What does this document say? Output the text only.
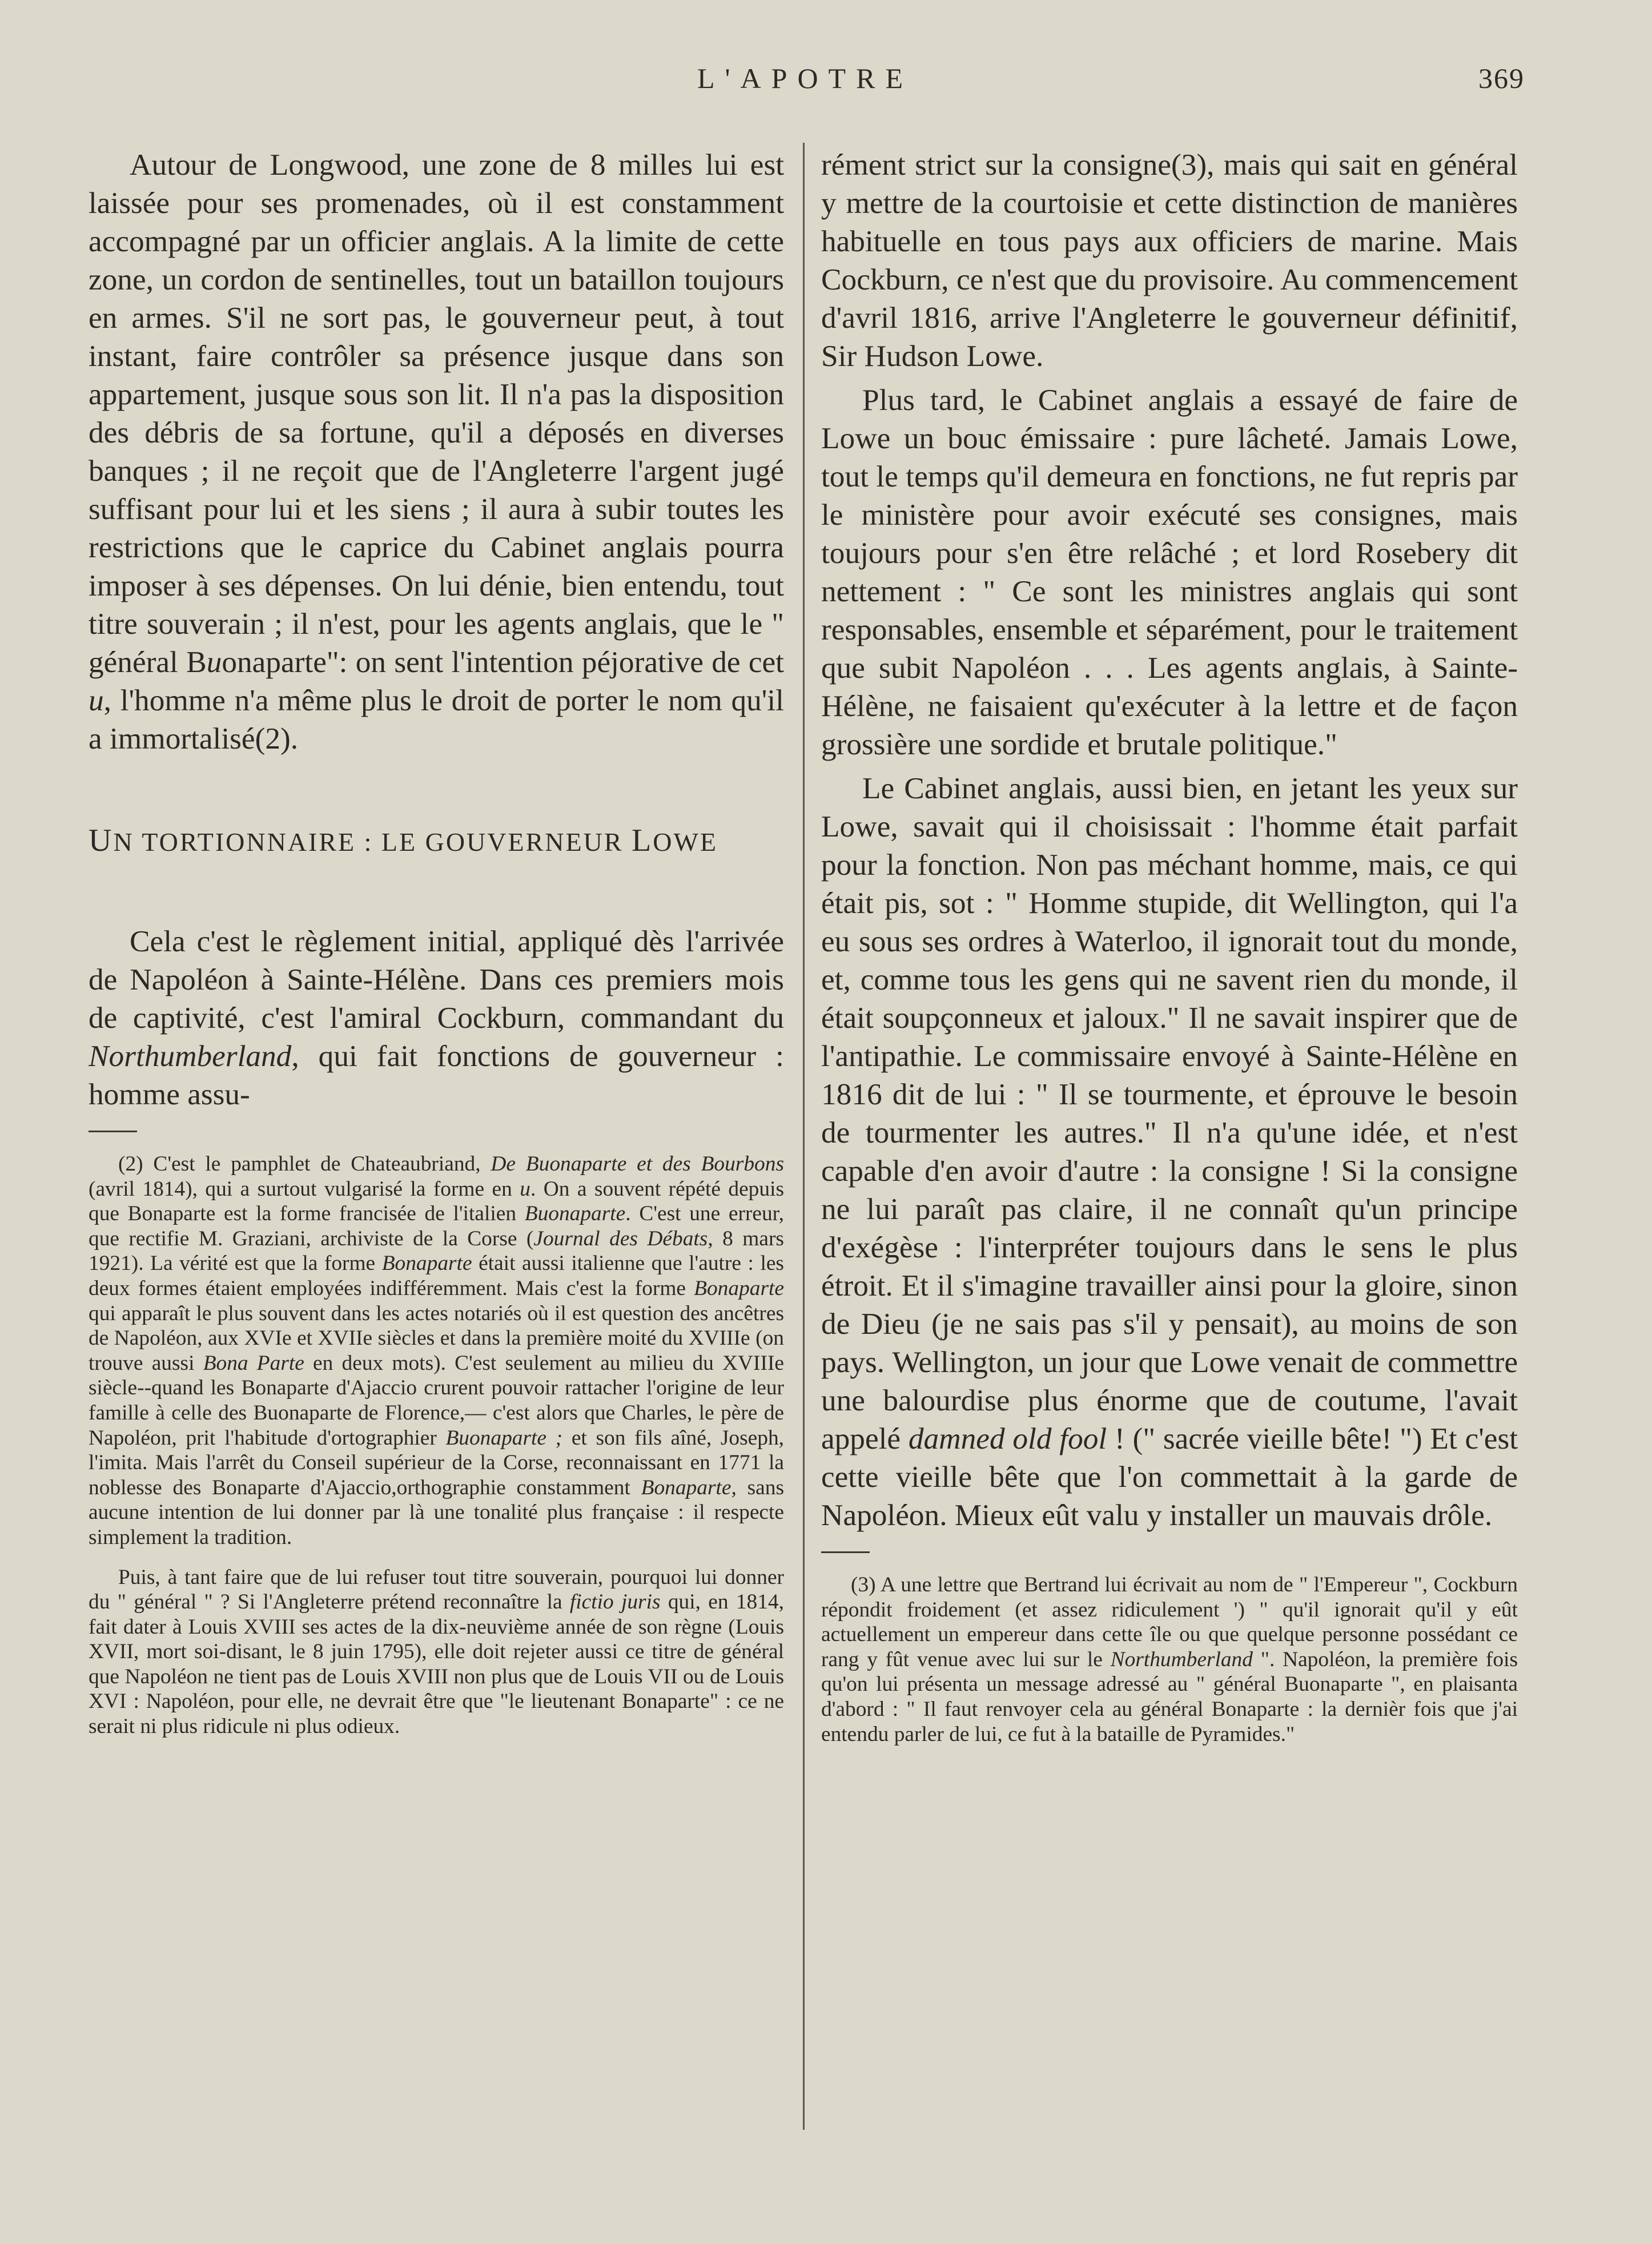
L'APOTRE	369

Autour de Longwood, une zone de 8 milles lui est laissée pour ses promenades, où il est constamment accompagné par un officier anglais. A la limite de cette zone, un cordon de sentinelles, tout un bataillon toujours en armes. S'il ne sort pas, le gouverneur peut, à tout instant, faire contrôler sa présence jusque dans son appartement, jusque sous son lit. Il n'a pas la disposition des débris de sa fortune, qu'il a déposés en diverses banques ; il ne reçoit que de l'Angleterre l'argent jugé suffisant pour lui et les siens ; il aura à subir toutes les restrictions que le caprice du Cabinet anglais pourra imposer à ses dépenses. On lui dénie, bien entendu, tout titre souverain ; il n'est, pour les agents anglais, que le " général Buonaparte": on sent l'intention péjorative de cet u, l'homme n'a même plus le droit de porter le nom qu'il a immortalisé(2).

UN TORTIONNAIRE : LE GOUVERNEUR LOWE

Cela c'est le règlement initial, appliqué dès l'arrivée de Napoléon à Sainte-Hélène. Dans ces premiers mois de captivité, c'est l'amiral Cockburn, commandant du Northumberland, qui fait fonctions de gouverneur : homme assu-

(2) C'est le pamphlet de Chateaubriand, De Buonaparte et des Bourbons (avril 1814), qui a surtout vulgarisé la forme en u. On a souvent répété depuis que Bonaparte est la forme francisée de l'italien Buonaparte. C'est une erreur, que rectifie M. Graziani, archiviste de la Corse (Journal des Débats, 8 mars 1921). La vérité est que la forme Bonaparte était aussi italienne que l'autre : les deux formes étaient employées indifféremment. Mais c'est la forme Bonaparte qui apparaît le plus souvent dans les actes notariés où il est question des ancêtres de Napoléon, aux XVIe et XVIIe siècles et dans la première moité du XVIIIe (on trouve aussi Bona Parte en deux mots). C'est seulement au milieu du XVIIIe siècle--quand les Bonaparte d'Ajaccio crurent pouvoir rattacher l'origine de leur famille à celle des Buonaparte de Florence,— c'est alors que Charles, le père de Napoléon, prit l'habitude d'ortographier Buonaparte ; et son fils aîné, Joseph, l'imita. Mais l'arrêt du Conseil supérieur de la Corse, reconnaissant en 1771 la noblesse des Bonaparte d'Ajaccio,orthographie constamment Bonaparte, sans aucune intention de lui donner par là une tonalité plus française : il respecte simplement la tradition.

Puis, à tant faire que de lui refuser tout titre souverain, pourquoi lui donner du " général " ? Si l'Angleterre prétend reconnaître la fictio juris qui, en 1814, fait dater à Louis XVIII ses actes de la dix-neuvième année de son règne (Louis XVII, mort soi-disant, le 8 juin 1795), elle doit rejeter aussi ce titre de général que Napoléon ne tient pas de Louis XVIII non plus que de Louis VII ou de Louis XVI : Napoléon, pour elle, ne devrait être que "le lieutenant Bonaparte" : ce ne serait ni plus ridicule ni plus odieux.

rément strict sur la consigne(3), mais qui sait en général y mettre de la courtoisie et cette distinction de manières habituelle en tous pays aux officiers de marine. Mais Cockburn, ce n'est que du provisoire. Au commencement d'avril 1816, arrive l'Angleterre le gouverneur définitif, Sir Hudson Lowe.

Plus tard, le Cabinet anglais a essayé de faire de Lowe un bouc émissaire : pure lâcheté. Jamais Lowe, tout le temps qu'il demeura en fonctions, ne fut repris par le ministère pour avoir exécuté ses consignes, mais toujours pour s'en être relâché ; et lord Rosebery dit nettement : " Ce sont les ministres anglais qui sont responsables, ensemble et séparément, pour le traitement que subit Napoléon . . . Les agents anglais, à Sainte-Hélène, ne faisaient qu'exécuter à la lettre et de façon grossière une sordide et brutale politique."

Le Cabinet anglais, aussi bien, en jetant les yeux sur Lowe, savait qui il choisissait : l'homme était parfait pour la fonction. Non pas méchant homme, mais, ce qui était pis, sot : " Homme stupide, dit Wellington, qui l'a eu sous ses ordres à Waterloo, il ignorait tout du monde, et, comme tous les gens qui ne savent rien du monde, il était soupçonneux et jaloux." Il ne savait inspirer que de l'antipathie. Le commissaire envoyé à Sainte-Hélène en 1816 dit de lui : " Il se tourmente, et éprouve le besoin de tourmenter les autres." Il n'a qu'une idée, et n'est capable d'en avoir d'autre : la consigne ! Si la consigne ne lui paraît pas claire, il ne connaît qu'un principe d'exégèse : l'interpréter toujours dans le sens le plus étroit. Et il s'imagine travailler ainsi pour la gloire, sinon de Dieu (je ne sais pas s'il y pensait), au moins de son pays. Wellington, un jour que Lowe venait de commettre une balourdise plus énorme que de coutume, l'avait appelé damned old fool ! (" sacrée vieille bête! ") Et c'est cette vieille bête que l'on commettait à la garde de Napoléon. Mieux eût valu y installer un mauvais drôle.

(3) A une lettre que Bertrand lui écrivait au nom de " l'Empereur ", Cockburn répondit froidement (et assez ridiculement ') " qu'il ignorait qu'il y eût actuellement un empereur dans cette île ou que quelque personne possédant ce rang y fût venue avec lui sur le Northumberland ". Napoléon, la première fois qu'on lui présenta un message adressé au " général Buonaparte ", en plaisanta d'abord : " Il faut renvoyer cela au général Bonaparte : la dernièr fois que j'ai entendu parler de lui, ce fut à la bataille de Pyramides."
